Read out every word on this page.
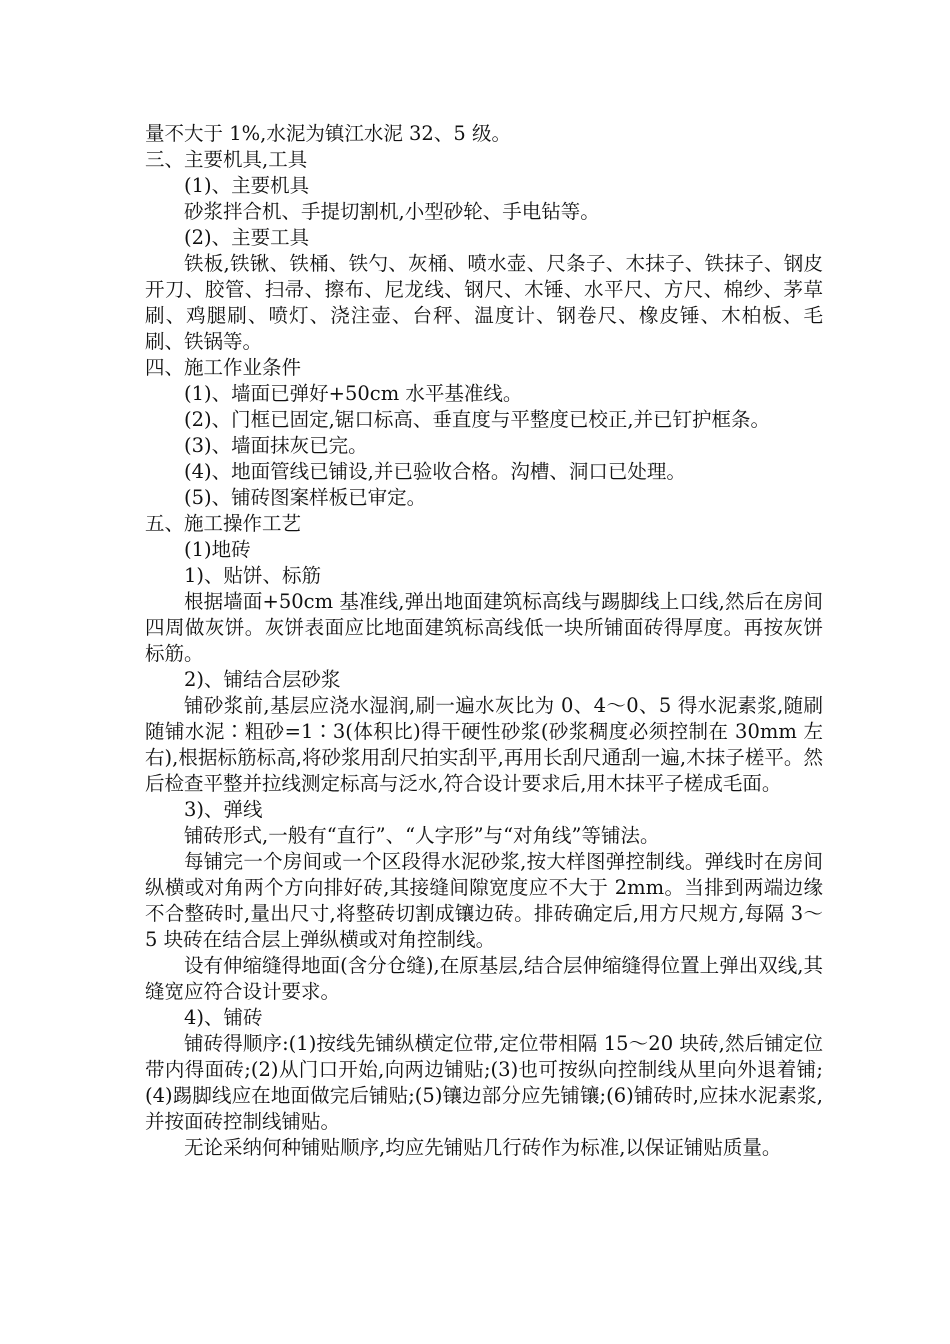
量不大于 1%,水泥为镇江水泥 32、5 级。

三、主要机具,工具

(1)、主要机具

砂浆拌合机、手提切割机,小型砂轮、手电钻等。

(2)、主要工具

铁板,铁锹、铁桶、铁勺、灰桶、喷水壶、尺条子、木抹子、铁抹子、钢皮开刀、胶管、扫帚、擦布、尼龙线、钢尺、木锤、水平尺、方尺、棉纱、茅草刷、鸡腿刷、喷灯、浇注壶、台秤、温度计、钢卷尺、橡皮锤、木柏板、毛刷、铁锅等。

四、施工作业条件

(1)、墙面已弹好+50cm 水平基准线。

(2)、门框已固定,锯口标高、垂直度与平整度已校正,并已钉护框条。

(3)、墙面抹灰已完。

(4)、地面管线已铺设,并已验收合格。沟槽、洞口已处理。

(5)、铺砖图案样板已审定。

五、施工操作工艺

(1)地砖

1)、贴饼、标筋

根据墙面+50cm 基准线,弹出地面建筑标高线与踢脚线上口线,然后在房间四周做灰饼。灰饼表面应比地面建筑标高线低一块所铺面砖得厚度。再按灰饼标筋。

2)、铺结合层砂浆

铺砂浆前,基层应浇水湿润,刷一遍水灰比为 0、4～0、5 得水泥素浆,随刷随铺水泥∶粗砂=1∶3(体积比)得干硬性砂浆(砂浆稠度必须控制在 30mm 左右),根据标筋标高,将砂浆用刮尺拍实刮平,再用长刮尺通刮一遍,木抹子槎平。然后检查平整并拉线测定标高与泛水,符合设计要求后,用木抹平子槎成毛面。

3)、弹线

铺砖形式,一般有“直行”、“人字形”与“对角线”等铺法。

每铺完一个房间或一个区段得水泥砂浆,按大样图弹控制线。弹线时在房间纵横或对角两个方向排好砖,其接缝间隙宽度应不大于 2mm。当排到两端边缘不合整砖时,量出尺寸,将整砖切割成镶边砖。排砖确定后,用方尺规方,每隔 3～5 块砖在结合层上弹纵横或对角控制线。

设有伸缩缝得地面(含分仓缝),在原基层,结合层伸缩缝得位置上弹出双线,其缝宽应符合设计要求。

4)、铺砖

铺砖得顺序:(1)按线先铺纵横定位带,定位带相隔 15～20 块砖,然后铺定位带内得面砖;(2)从门口开始,向两边铺贴;(3)也可按纵向控制线从里向外退着铺;(4)踢脚线应在地面做完后铺贴;(5)镶边部分应先铺镶;(6)铺砖时,应抹水泥素浆,并按面砖控制线铺贴。

无论采纳何种铺贴顺序,均应先铺贴几行砖作为标准,以保证铺贴质量。
